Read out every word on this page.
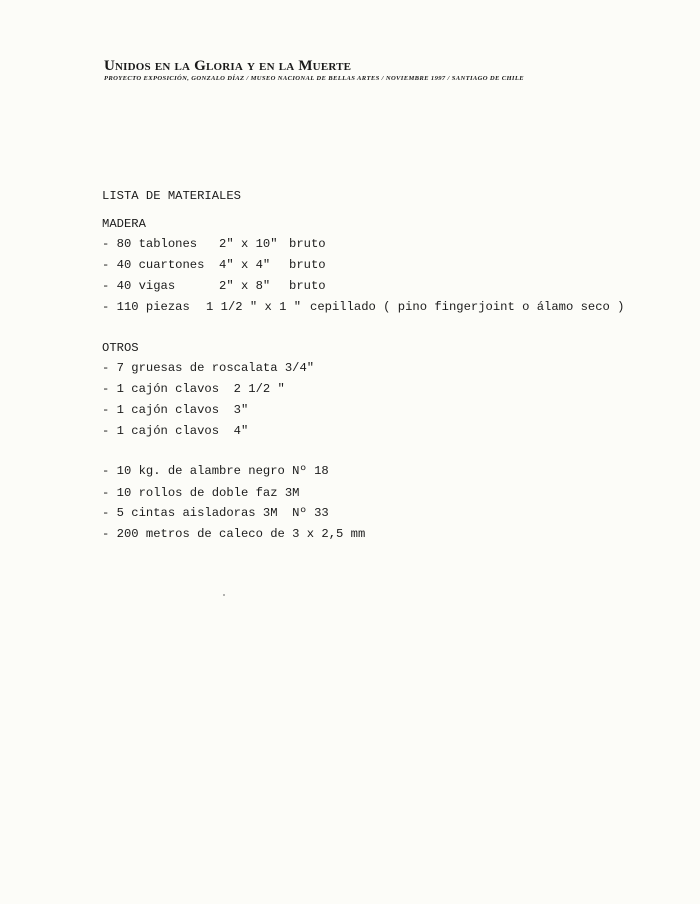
Unidos en la Gloria y en la Muerte
PROYECTO EXPOSICIÓN, GONZALO DÍAZ / MUSEO NACIONAL DE BELLAS ARTES / NOVIEMBRE 1997 / SANTIAGO DE CHILE
LISTA DE MATERIALES
MADERA
- 80 tablones 2" x 10" bruto
- 40 cuartones 4" x 4" bruto
- 40 vigas	2" x 8" bruto
- 110 piezas 1 1/2 " x 1 " cepillado ( pino fingerjoint o álamo seco )
OTROS
- 7 gruesas de roscalata 3/4"
- 1 cajón clavos  2 1/2 "
- 1 cajón clavos  3"
- 1 cajón clavos  4"
- 10 kg. de alambre negro Nº 18
- 10 rollos de doble faz 3M
- 5 cintas aisladoras 3M  Nº 33
- 200 metros de caleco de 3 x 2,5 mm
